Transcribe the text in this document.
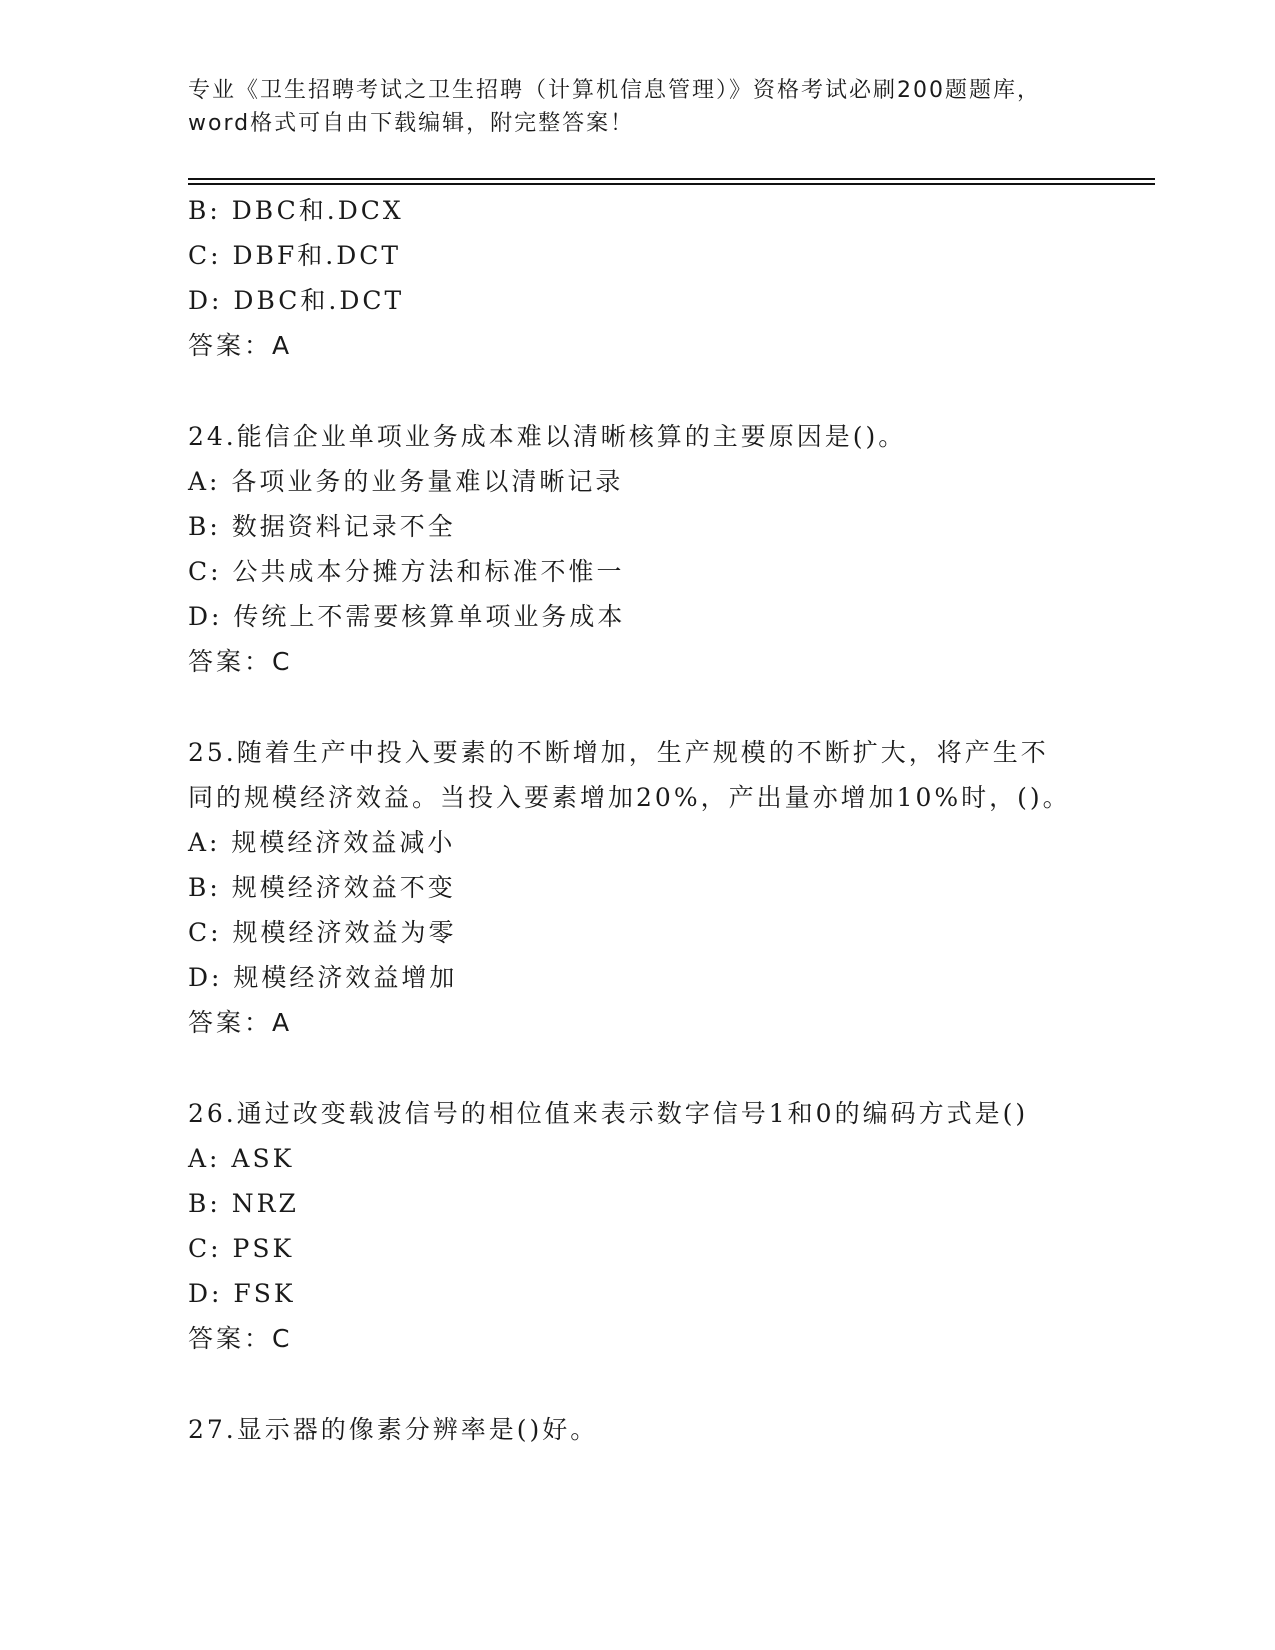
专业《卫生招聘考试之卫生招聘（计算机信息管理）》资格考试必刷200题题库，
word格式可自由下载编辑，附完整答案！
B: DBC和.DCX
C: DBF和.DCT
D: DBC和.DCT
答案：A
24.能信企业单项业务成本难以清晰核算的主要原因是()。
A: 各项业务的业务量难以清晰记录
B: 数据资料记录不全
C: 公共成本分摊方法和标准不惟一
D: 传统上不需要核算单项业务成本
答案：C
25.随着生产中投入要素的不断增加，生产规模的不断扩大，将产生不
同的规模经济效益。当投入要素增加20%，产出量亦增加10%时，()。
A: 规模经济效益减小
B: 规模经济效益不变
C: 规模经济效益为零
D: 规模经济效益增加
答案：A
26.通过改变载波信号的相位值来表示数字信号1和0的编码方式是()
A: ASK
B: NRZ
C: PSK
D: FSK
答案：C
27.显示器的像素分辨率是()好。
